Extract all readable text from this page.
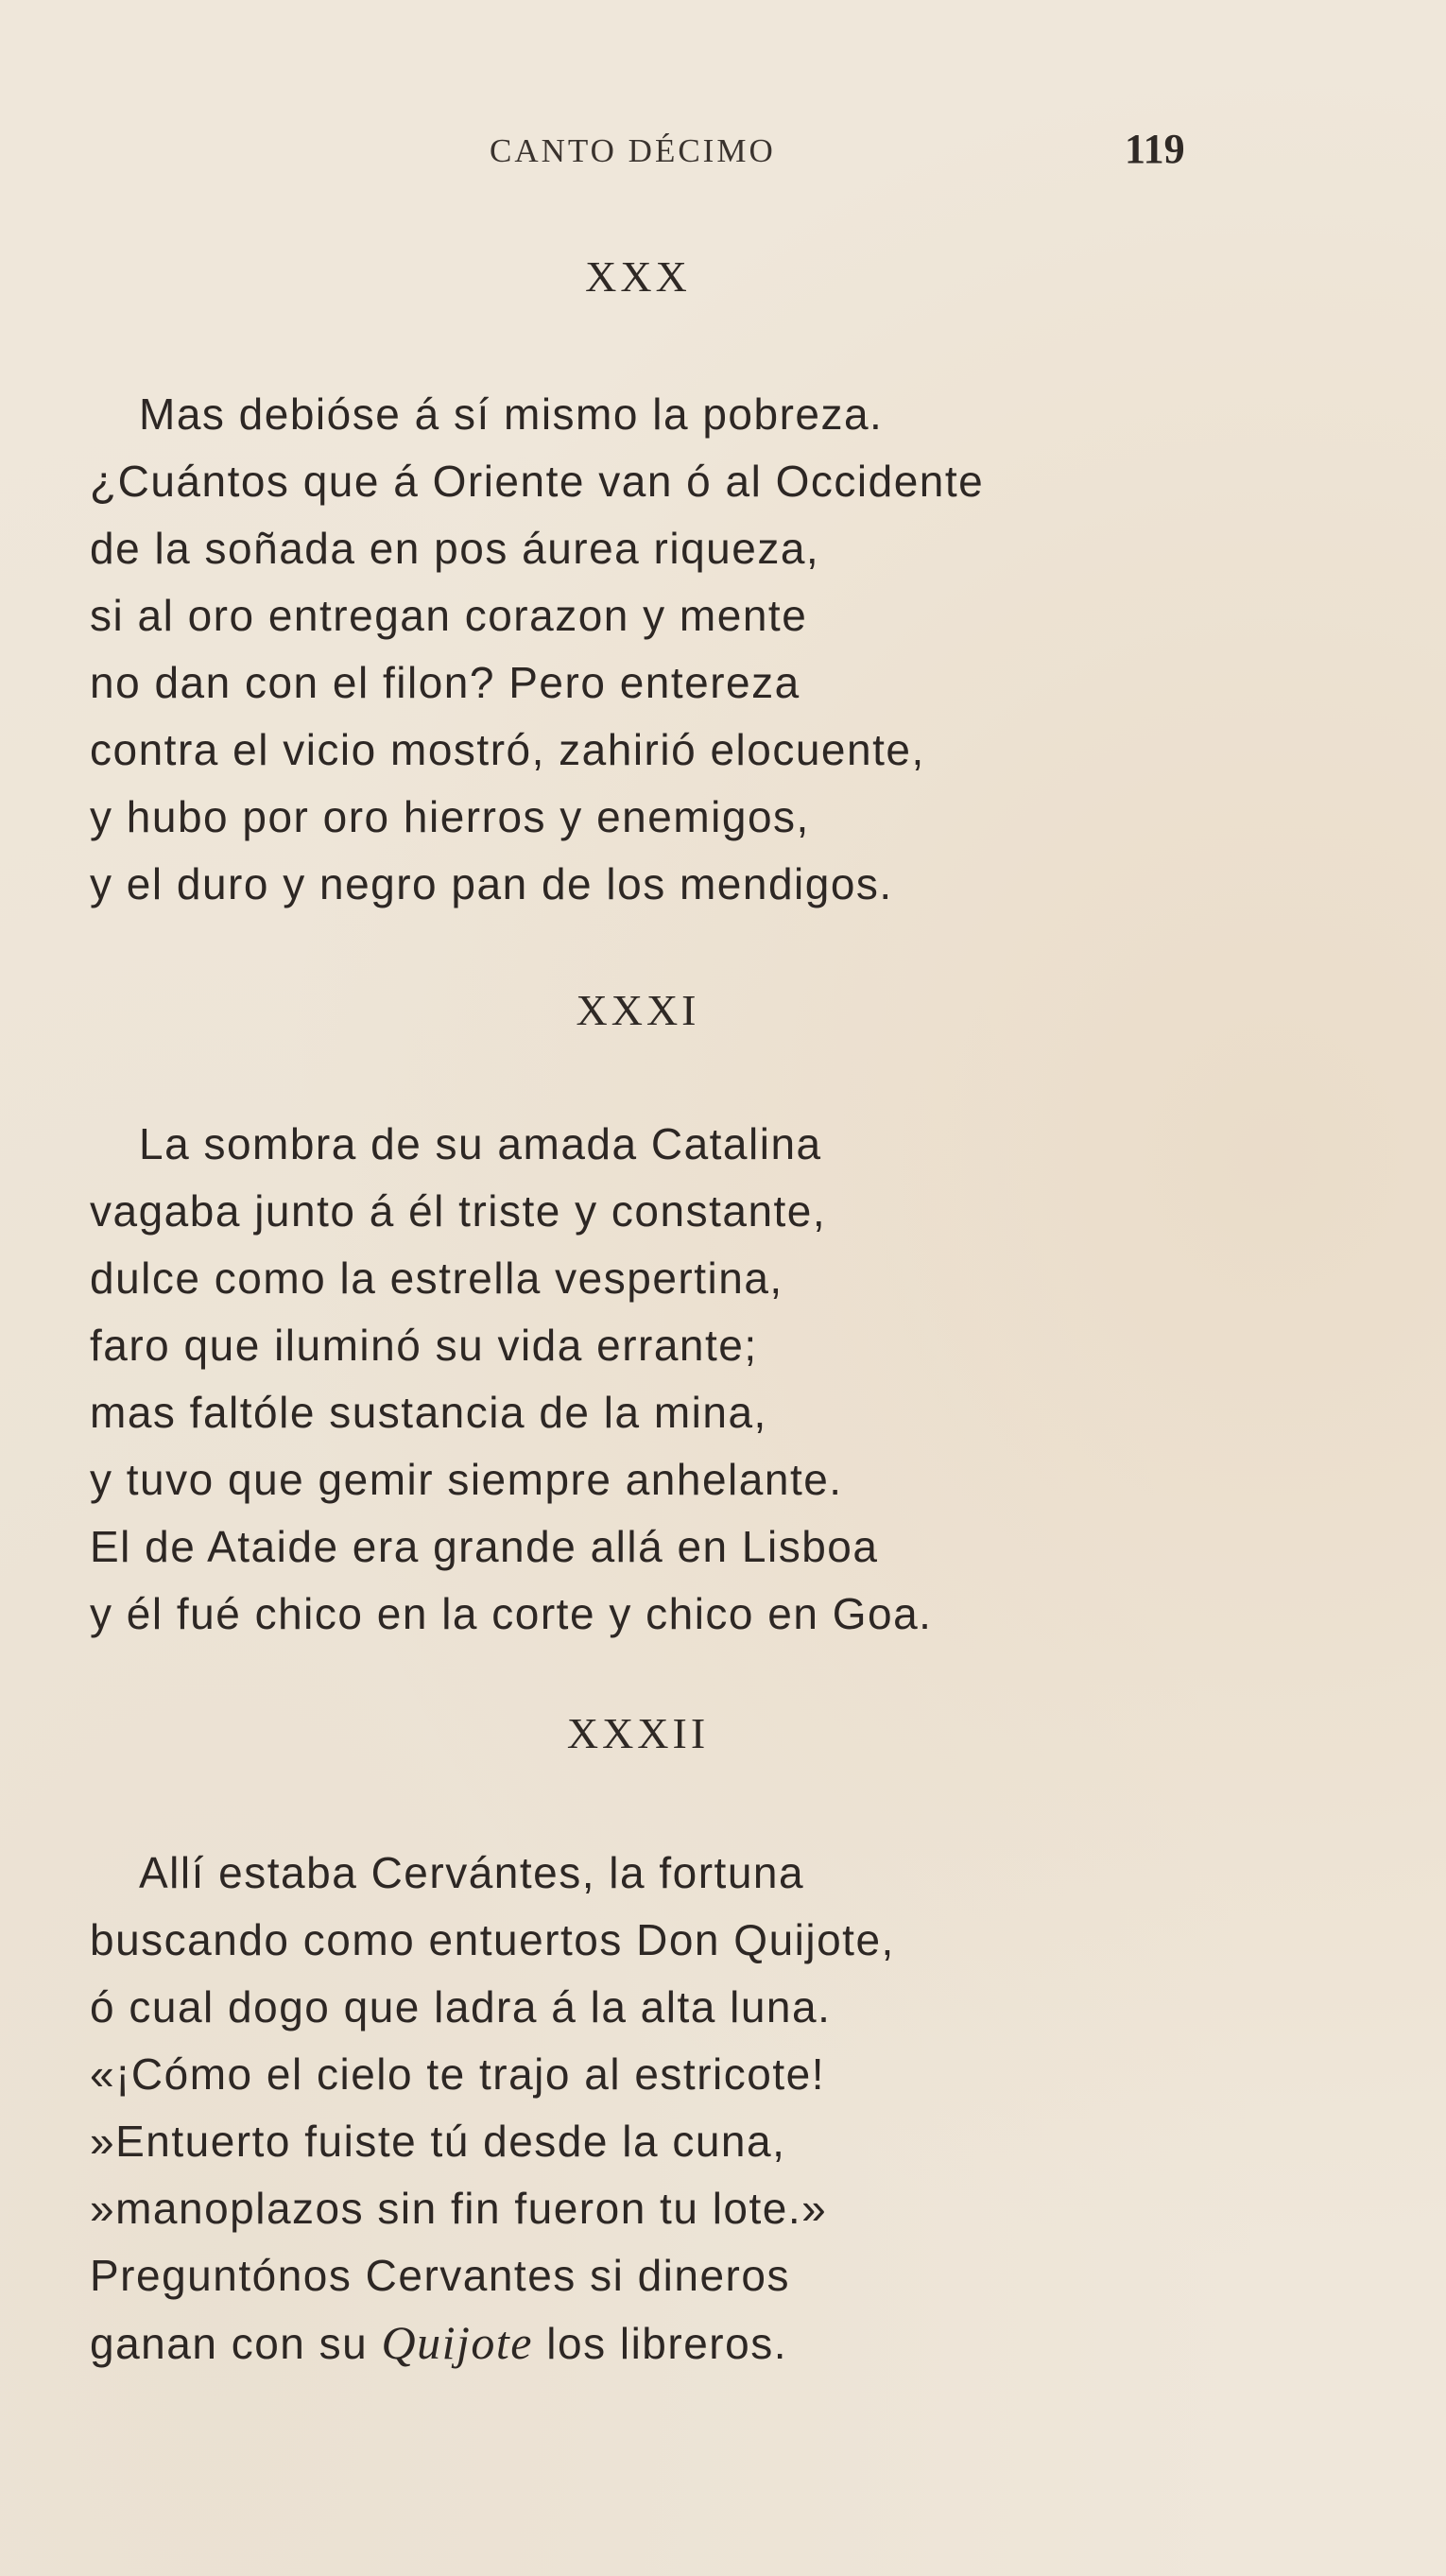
CANTO DÉCIMO	119
XXX
Mas debióse á sí mismo la pobreza.
¿Cuántos que á Oriente van ó al Occidente
de la soñada en pos áurea riqueza,
si al oro entregan corazon y mente
no dan con el filon? Pero entereza
contra el vicio mostró, zahirió elocuente,
y hubo por oro hierros y enemigos,
y el duro y negro pan de los mendigos.
XXXI
La sombra de su amada Catalina
vagaba junto á él triste y constante,
dulce como la estrella vespertina,
faro que iluminó su vida errante;
mas faltóle sustancia de la mina,
y tuvo que gemir siempre anhelante.
El de Ataide era grande allá en Lisboa
y él fué chico en la corte y chico en Goa.
XXXII
Allí estaba Cervántes, la fortuna
buscando como entuertos Don Quijote,
ó cual dogo que ladra á la alta luna.
«¡Cómo el cielo te trajo al estricote!
»Entuerto fuiste tú desde la cuna,
»manoplazos sin fin fueron tu lote.»
Preguntónos Cervantes si dineros
ganan con su Quijote los libreros.
